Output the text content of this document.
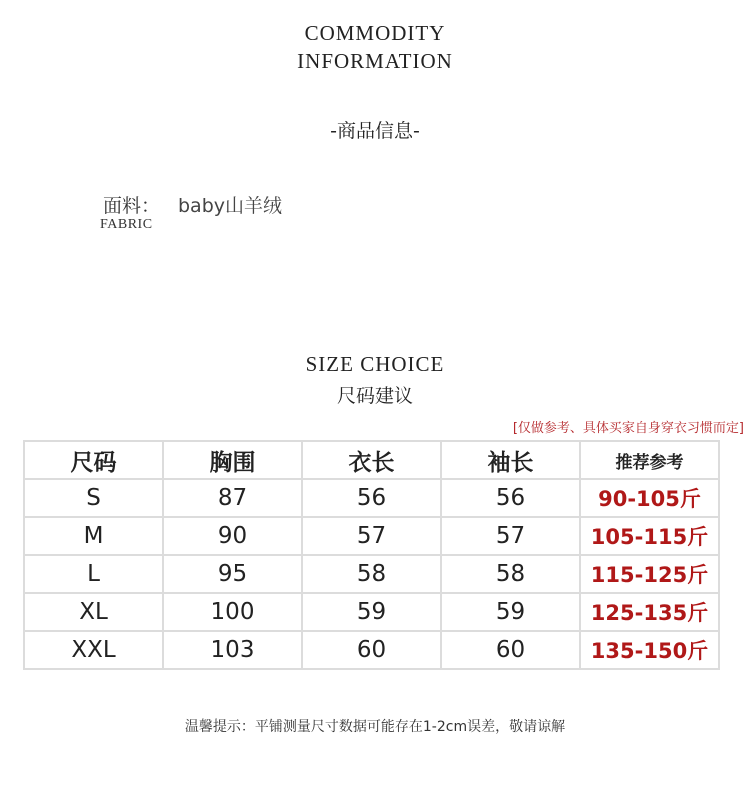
COMMODITY
INFORMATION
-商品信息-
面料： baby山羊绒
FABRIC
SIZE CHOICE
尺码建议
[仅做参考、具体买家自身穿衣习惯而定]
尺码	胸围	衣长	袖长	推荐参考
S	87	56	56	90-105斤
M	90	57	57	105-115斤
L	95	58	58	115-125斤
XL	100	59	59	125-135斤
XXL	103	60	60	135-150斤
温馨提示：平铺测量尺寸数据可能存在1-2cm误差，敬请谅解
